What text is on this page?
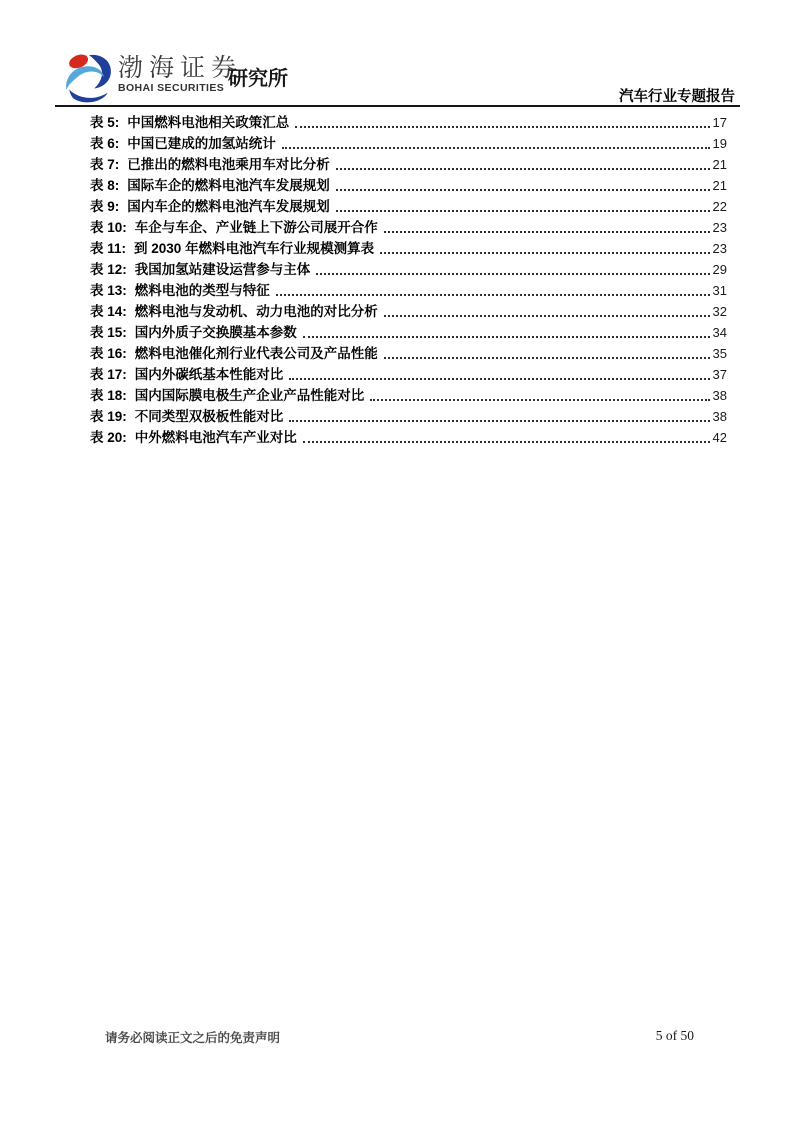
渤海证券
BOHAI SECURITIES 研究所
汽车行业专题报告
表 5: 中国燃料电池相关政策汇总	17
表 6: 中国已建成的加氢站统计	19
表 7: 已推出的燃料电池乘用车对比分析	21
表 8: 国际车企的燃料电池汽车发展规划	21
表 9: 国内车企的燃料电池汽车发展规划	22
表 10: 车企与车企、产业链上下游公司展开合作	23
表 11: 到 2030 年燃料电池汽车行业规模测算表	23
表 12: 我国加氢站建设运营参与主体	29
表 13: 燃料电池的类型与特征	31
表 14: 燃料电池与发动机、动力电池的对比分析	32
表 15: 国内外质子交换膜基本参数	34
表 16: 燃料电池催化剂行业代表公司及产品性能	35
表 17: 国内外碳纸基本性能对比	37
表 18: 国内国际膜电极生产企业产品性能对比	38
表 19: 不同类型双极板性能对比	38
表 20: 中外燃料电池汽车产业对比	42
请务必阅读正文之后的免责声明	5 of 50
